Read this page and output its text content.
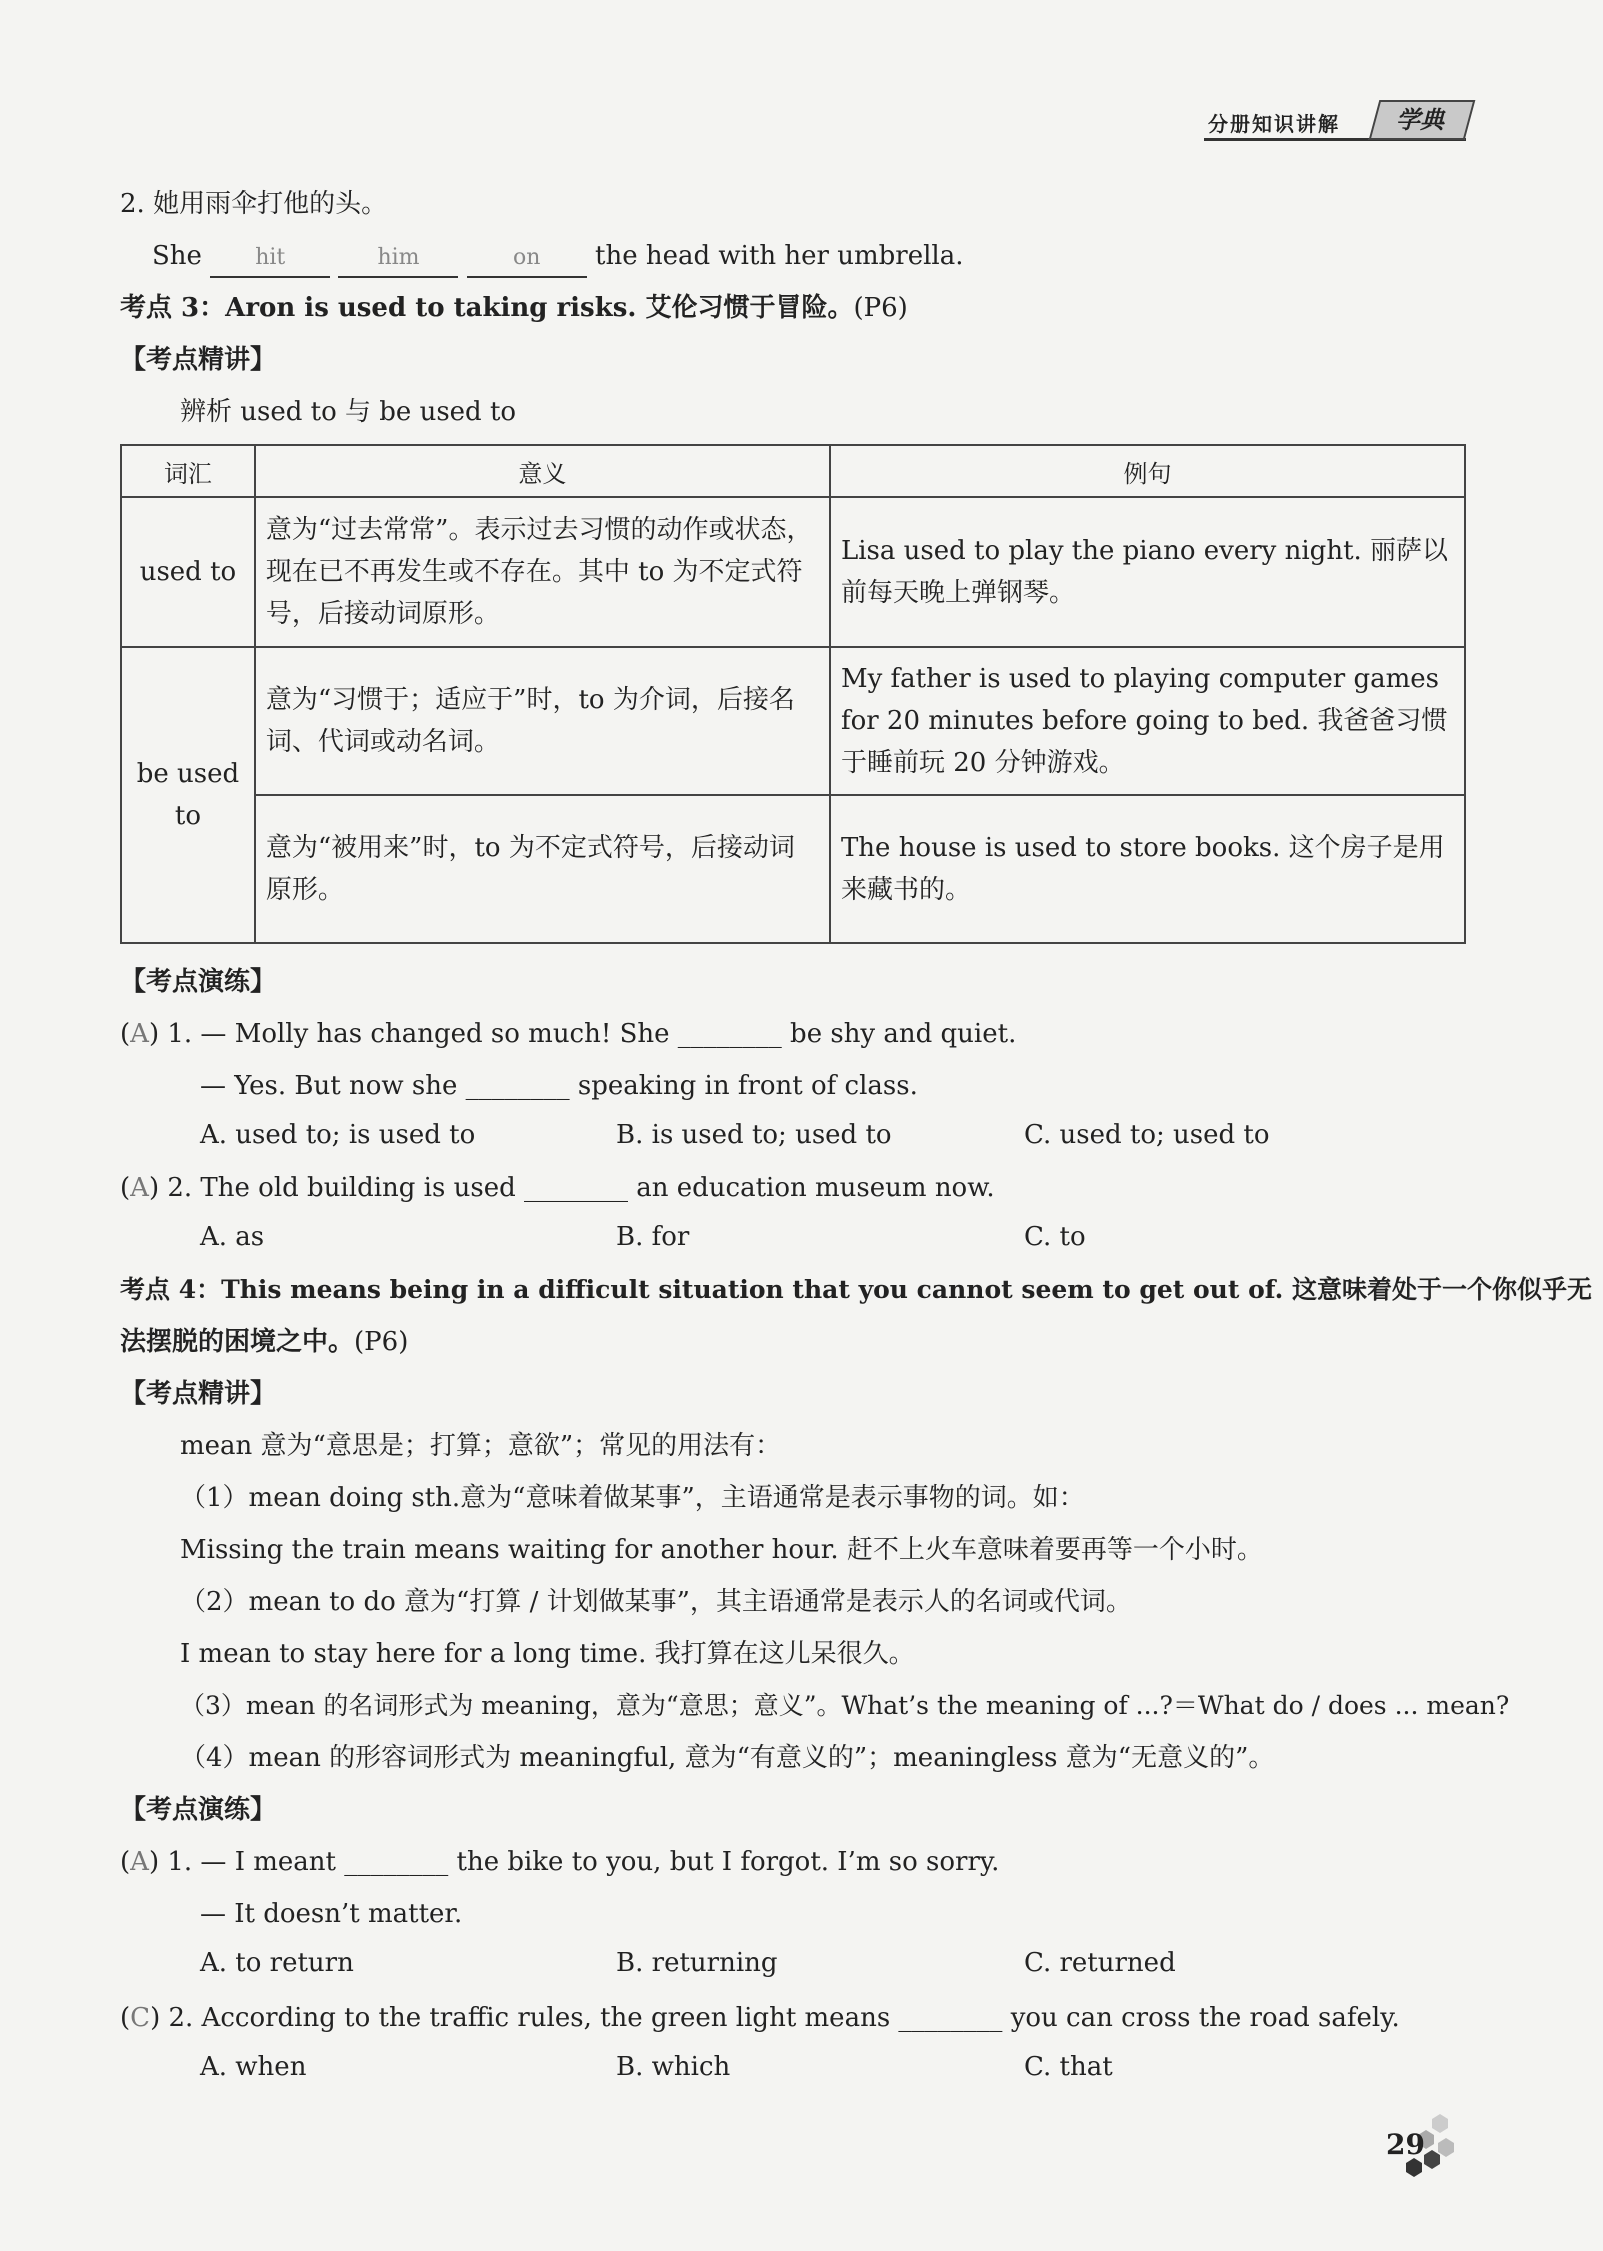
分册知识讲解	学典
2. 她用雨伞打他的头。
She hit	him	on the head with her umbrella.
考点 3：Aron is used to taking risks. 艾伦习惯于冒险。(P6)
【考点精讲】
辨析 used to 与 be used to
词汇	意义	例句
used to	意为“过去常常”。表示过去习惯的动作或状态，现在已不再发生或不存在。其中 to 为不定式符号，后接动词原形。	Lisa used to play the piano every night. 丽萨以前每天晚上弹钢琴。
be used to	意为“习惯于；适应于”时，to 为介词，后接名词、代词或动名词。	My father is used to playing computer games for 20 minutes before going to bed. 我爸爸习惯于睡前玩 20 分钟游戏。
	意为“被用来”时，to 为不定式符号，后接动词原形。	The house is used to store books. 这个房子是用来藏书的。
【考点演练】
(A) 1. — Molly has changed so much! She ________ be shy and quiet.
— Yes. But now she ________ speaking in front of class.
A. used to; is used to	B. is used to; used to	C. used to; used to
(A) 2. The old building is used ________ an education museum now.
A. as	B. for	C. to
考点 4：This means being in a difficult situation that you cannot seem to get out of. 这意味着处于一个你似乎无
法摆脱的困境之中。(P6)
【考点精讲】
mean 意为“意思是；打算；意欲”；常见的用法有：
（1）mean doing sth.意为“意味着做某事”，主语通常是表示事物的词。如：
Missing the train means waiting for another hour. 赶不上火车意味着要再等一个小时。
（2）mean to do 意为“打算 / 计划做某事”，其主语通常是表示人的名词或代词。
I mean to stay here for a long time. 我打算在这儿呆很久。
（3）mean 的名词形式为 meaning，意为“意思；意义”。What’s the meaning of ...?＝What do / does ... mean?
（4）mean 的形容词形式为 meaningful, 意为“有意义的”；meaningless 意为“无意义的”。
【考点演练】
(A) 1. — I meant ________ the bike to you, but I forgot. I’m so sorry.
— It doesn’t matter.
A. to return	B. returning	C. returned
(C) 2. According to the traffic rules, the green light means ________ you can cross the road safely.
A. when	B. which	C. that
29
